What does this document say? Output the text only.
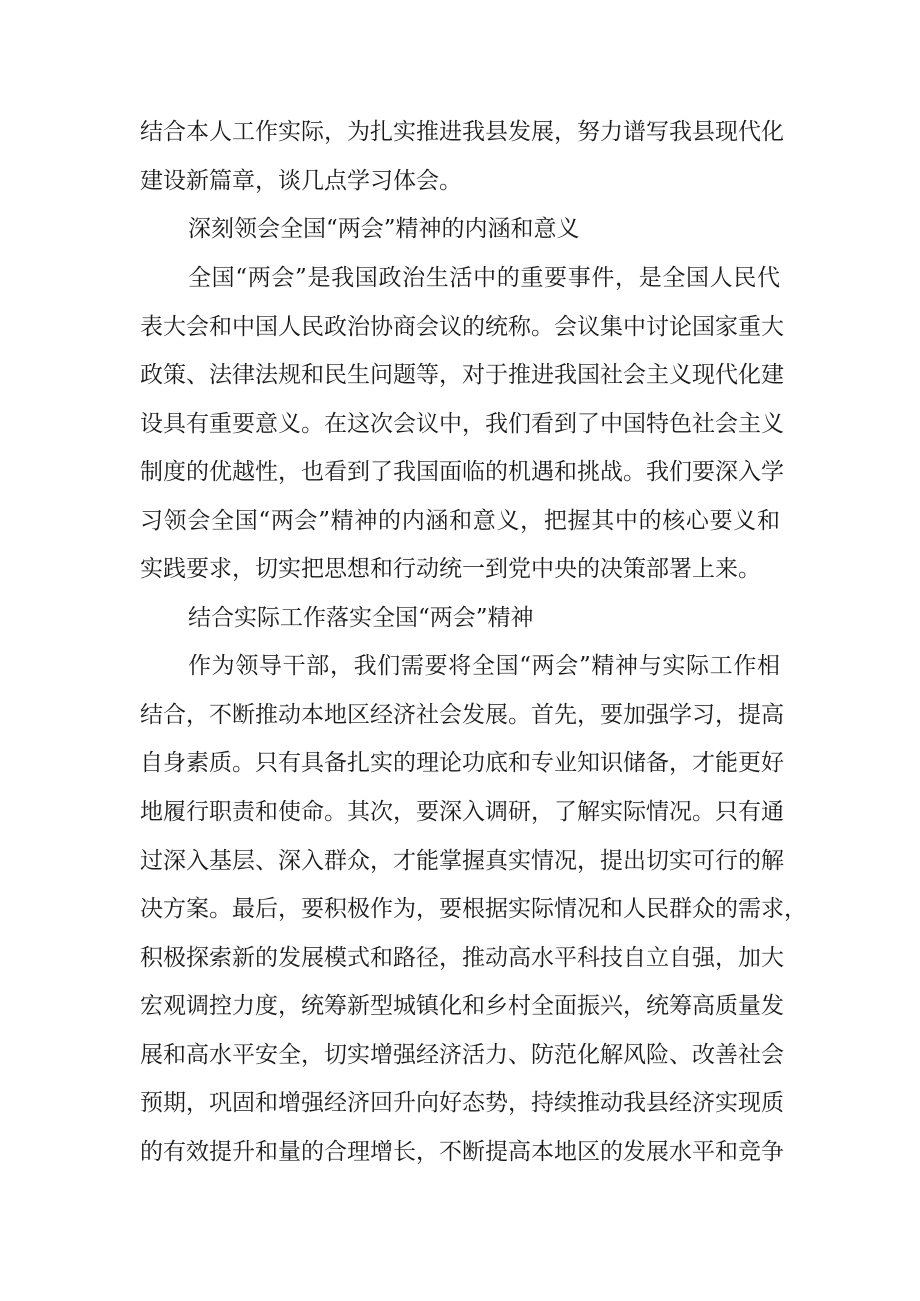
结合本人工作实际，为扎实推进我县发展，努力谱写我县现代化
建设新篇章，谈几点学习体会。
深刻领会全国“两会”精神的内涵和意义
全国“两会”是我国政治生活中的重要事件，是全国人民代
表大会和中国人民政治协商会议的统称。会议集中讨论国家重大
政策、法律法规和民生问题等，对于推进我国社会主义现代化建
设具有重要意义。在这次会议中，我们看到了中国特色社会主义
制度的优越性，也看到了我国面临的机遇和挑战。我们要深入学
习领会全国“两会”精神的内涵和意义，把握其中的核心要义和
实践要求，切实把思想和行动统一到党中央的决策部署上来。
结合实际工作落实全国“两会”精神
作为领导干部，我们需要将全国“两会”精神与实际工作相
结合，不断推动本地区经济社会发展。首先，要加强学习，提高
自身素质。只有具备扎实的理论功底和专业知识储备，才能更好
地履行职责和使命。其次，要深入调研，了解实际情况。只有通
过深入基层、深入群众，才能掌握真实情况，提出切实可行的解
决方案。最后，要积极作为，要根据实际情况和人民群众的需求，
积极探索新的发展模式和路径，推动高水平科技自立自强，加大
宏观调控力度，统筹新型城镇化和乡村全面振兴，统筹高质量发
展和高水平安全，切实增强经济活力、防范化解风险、改善社会
预期，巩固和增强经济回升向好态势，持续推动我县经济实现质
的有效提升和量的合理增长，不断提高本地区的发展水平和竞争
